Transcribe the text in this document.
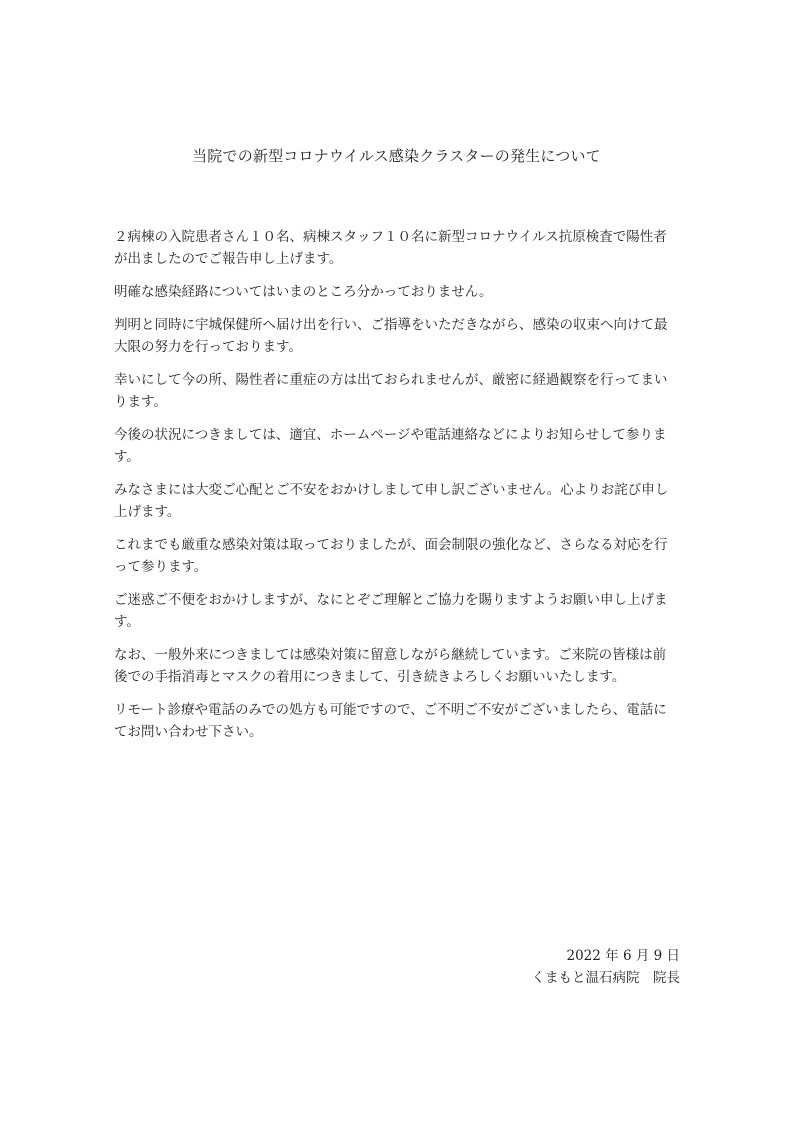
当院での新型コロナウイルス感染クラスターの発生について

２病棟の入院患者さん１０名、病棟スタッフ１０名に新型コロナウイルス抗原検査で陽性者が出ましたのでご報告申し上げます。

明確な感染経路についてはいまのところ分かっておりません。

判明と同時に宇城保健所へ届け出を行い、ご指導をいただきながら、感染の収束へ向けて最大限の努力を行っております。

幸いにして今の所、陽性者に重症の方は出ておられませんが、厳密に経過観察を行ってまいります。

今後の状況につきましては、適宜、ホームページや電話連絡などによりお知らせして参ります。

みなさまには大変ご心配とご不安をおかけしまして申し訳ございません。心よりお詫び申し上げます。

これまでも厳重な感染対策は取っておりましたが、面会制限の強化など、さらなる対応を行って参ります。

ご迷惑ご不便をおかけしますが、なにとぞご理解とご協力を賜りますようお願い申し上げます。

なお、一般外来につきましては感染対策に留意しながら継続しています。ご来院の皆様は前後での手指消毒とマスクの着用につきまして、引き続きよろしくお願いいたします。

リモート診療や電話のみでの処方も可能ですので、ご不明ご不安がございましたら、電話にてお問い合わせ下さい。

2022 年 6 月 9 日
くまもと温石病院　院長
